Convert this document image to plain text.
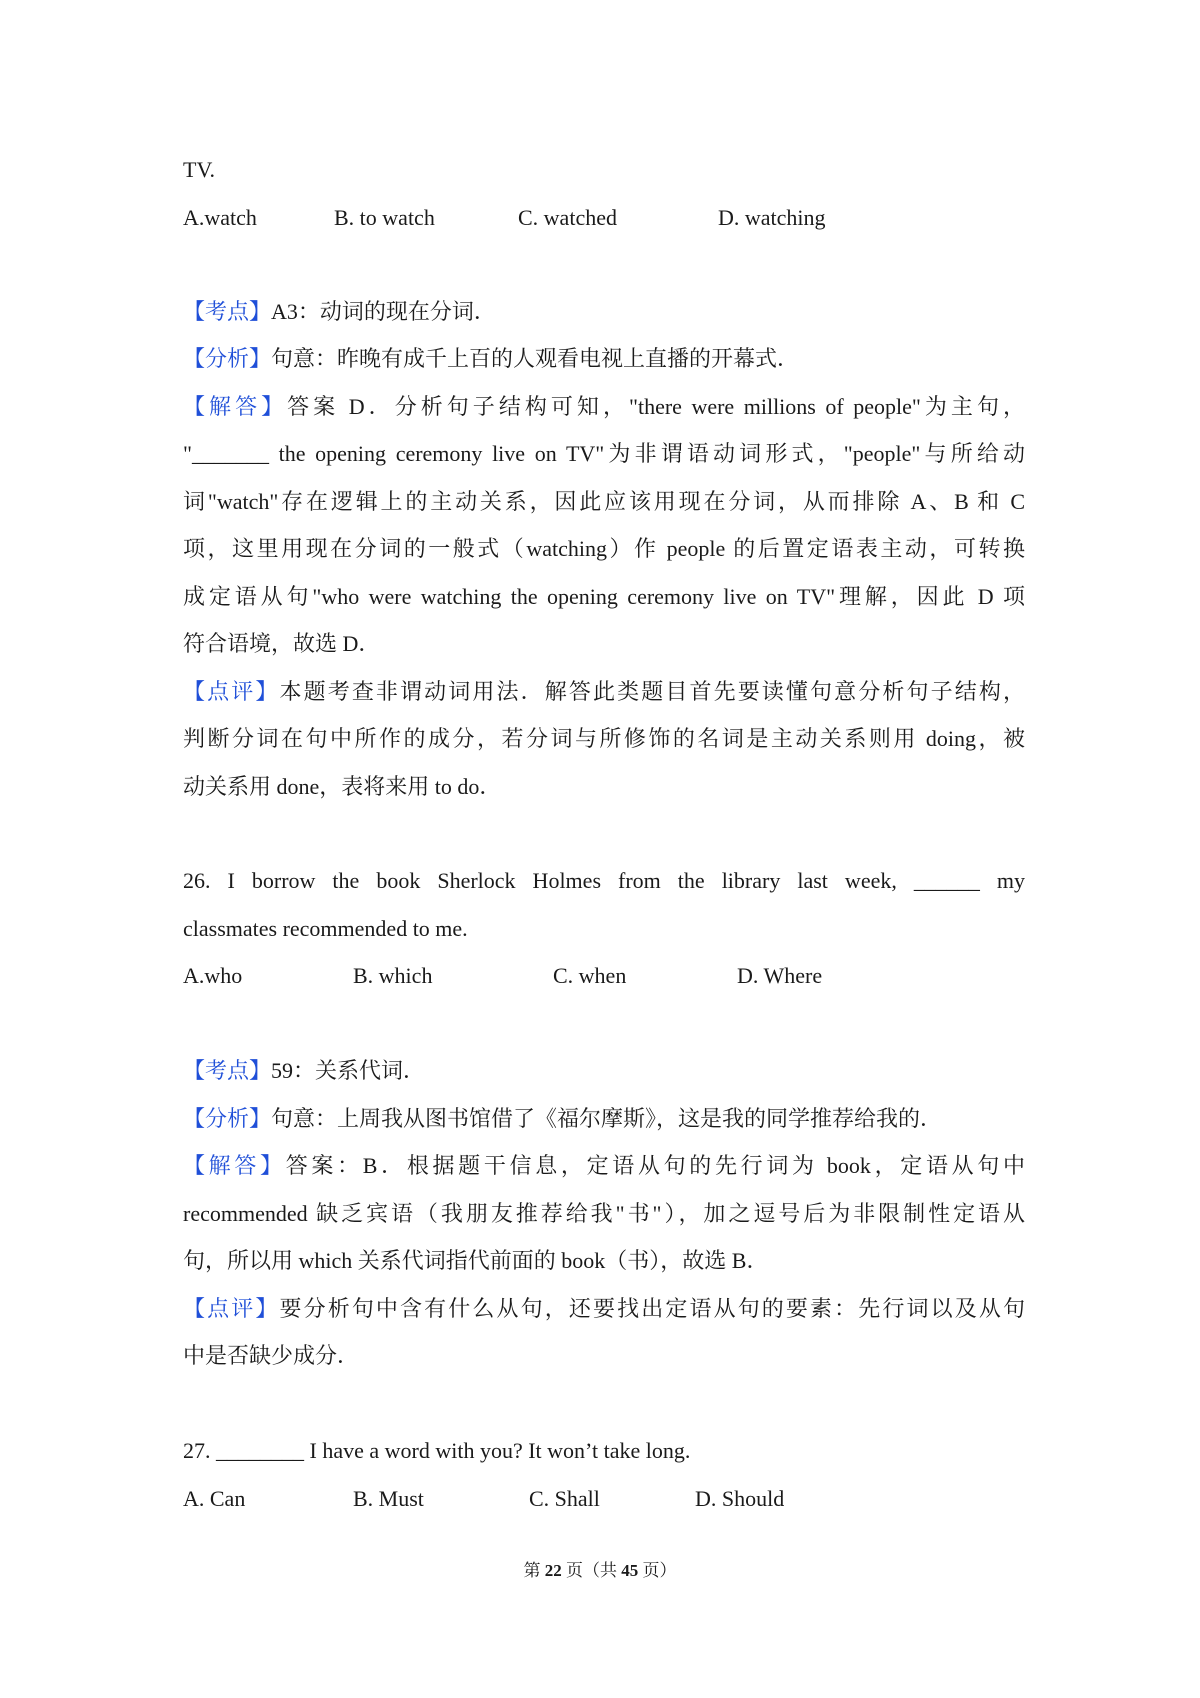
TV.
A.watch	B. to watch	C. watched	D. watching
【考点】A3：动词的现在分词．
【分析】句意：昨晚有成千上百的人观看电视上直播的开幕式．
【解答】答案 D．分析句子结构可知，"there were millions of people"为主句，
"_______ the opening ceremony live on TV"为非谓语动词形式，"people"与所给动
词"watch"存在逻辑上的主动关系，因此应该用现在分词，从而排除 A、B 和 C
项，这里用现在分词的一般式（watching）作 people 的后置定语表主动，可转换
成定语从句"who were watching the opening ceremony live on TV"理解，因此 D 项
符合语境，故选 D．
【点评】本题考查非谓动词用法．解答此类题目首先要读懂句意分析句子结构，
判断分词在句中所作的成分，若分词与所修饰的名词是主动关系则用 doing，被
动关系用 done，表将来用 to do．
26. I borrow the book Sherlock Holmes from the library last week, ______ my
classmates recommended to me.
A.who	B. which	C. when	D. Where
【考点】59：关系代词．
【分析】句意：上周我从图书馆借了《福尔摩斯》，这是我的同学推荐给我的．
【解答】答案：B．根据题干信息，定语从句的先行词为 book，定语从句中
recommended 缺乏宾语（我朋友推荐给我"书"），加之逗号后为非限制性定语从
句，所以用 which 关系代词指代前面的 book（书），故选 B．
【点评】要分析句中含有什么从句，还要找出定语从句的要素：先行词以及从句
中是否缺少成分．
27. ________ I have a word with you? It won’t take long.
A. Can	B. Must	C. Shall	D. Should
第 22 页（共 45 页）
